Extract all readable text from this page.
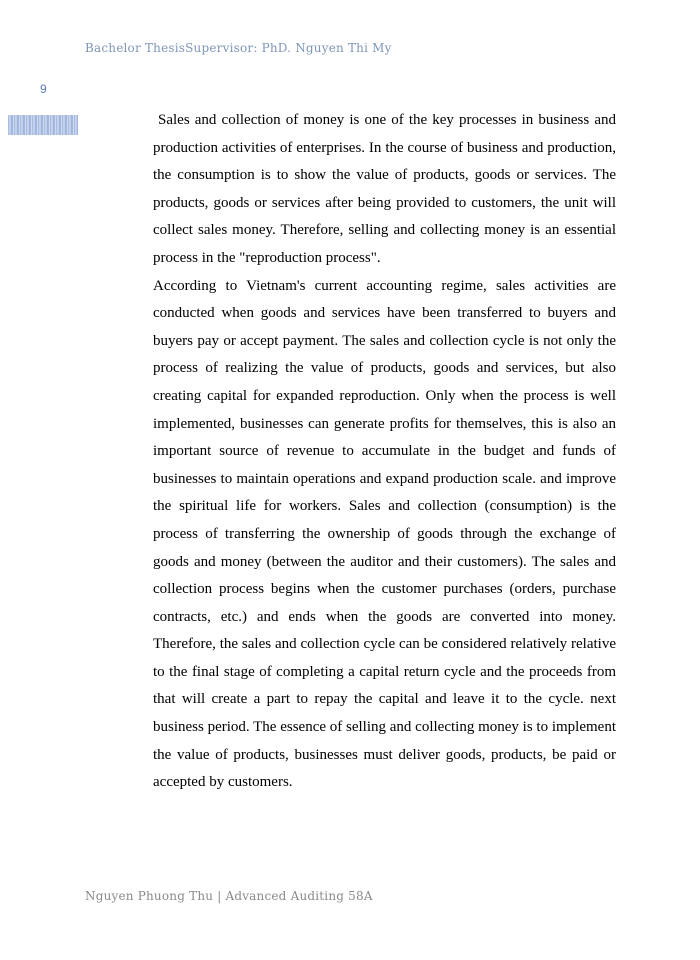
Bachelor ThesisSupervisor: PhD. Nguyen Thi My
9

Sales and collection of money is one of the key processes in business and production activities of enterprises. In the course of business and production, the consumption is to show the value of products, goods or services. The products, goods or services after being provided to customers, the unit will collect sales money. Therefore, selling and collecting money is an essential process in the "reproduction process".

According to Vietnam's current accounting regime, sales activities are conducted when goods and services have been transferred to buyers and buyers pay or accept payment. The sales and collection cycle is not only the process of realizing the value of products, goods and services, but also creating capital for expanded reproduction. Only when the process is well implemented, businesses can generate profits for themselves, this is also an important source of revenue to accumulate in the budget and funds of businesses to maintain operations and expand production scale. and improve the spiritual life for workers. Sales and collection (consumption) is the process of transferring the ownership of goods through the exchange of goods and money (between the auditor and their customers). The sales and collection process begins when the customer purchases (orders, purchase contracts, etc.) and ends when the goods are converted into money. Therefore, the sales and collection cycle can be considered relatively relative to the final stage of completing a capital return cycle and the proceeds from that will create a part to repay the capital and leave it to the cycle. next business period. The essence of selling and collecting money is to implement the value of products, businesses must deliver goods, products, be paid or accepted by customers.

Nguyen Phuong Thu | Advanced Auditing 58A
